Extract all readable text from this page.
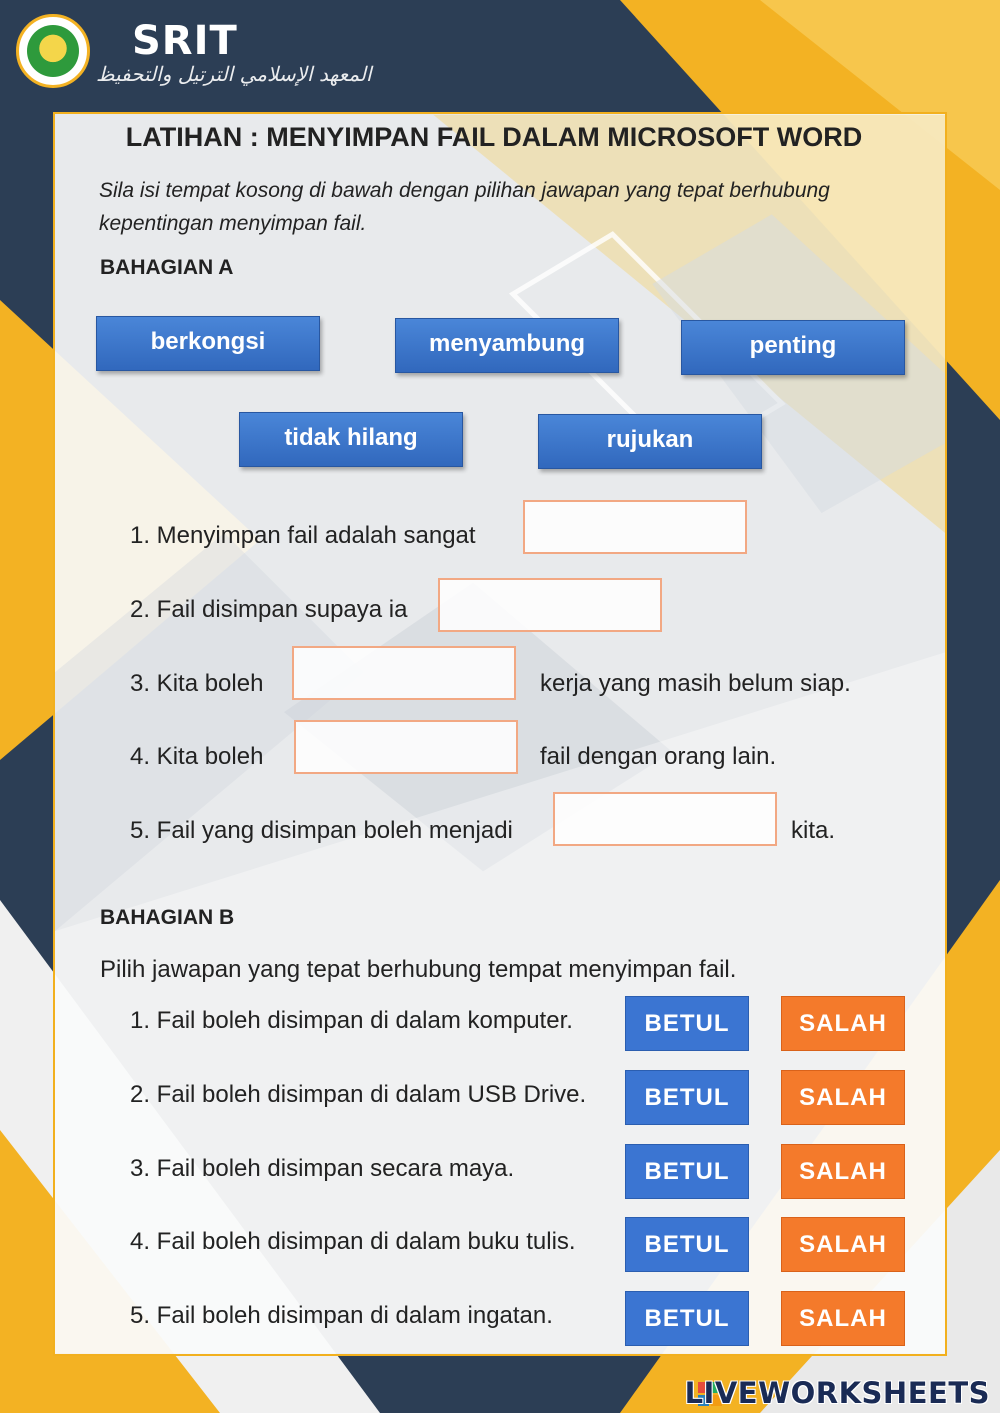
SRIT
المعهد الإسلامي الترتيل والتحفيظ
LATIHAN : MENYIMPAN FAIL DALAM MICROSOFT WORD

Sila isi tempat kosong di bawah dengan pilihan jawapan yang tepat berhubung kepentingan menyimpan fail.

BAHAGIAN A
berkongsi	menyambung	penting
tidak hilang	rujukan
1. Menyimpan fail adalah sangat
2. Fail disimpan supaya ia
3. Kita boleh	kerja yang masih belum siap.
4. Kita boleh	fail dengan orang lain.
5. Fail yang disimpan boleh menjadi	kita.
BAHAGIAN B
Pilih jawapan yang tepat berhubung tempat menyimpan fail.
1. Fail boleh disimpan di dalam komputer.	BETUL	SALAH
2. Fail boleh disimpan di dalam USB Drive.	BETUL	SALAH
3. Fail boleh disimpan secara maya.	BETUL	SALAH
4. Fail boleh disimpan di dalam buku tulis.	BETUL	SALAH
5. Fail boleh disimpan di dalam ingatan.	BETUL	SALAH
LIVEWORKSHEETS
